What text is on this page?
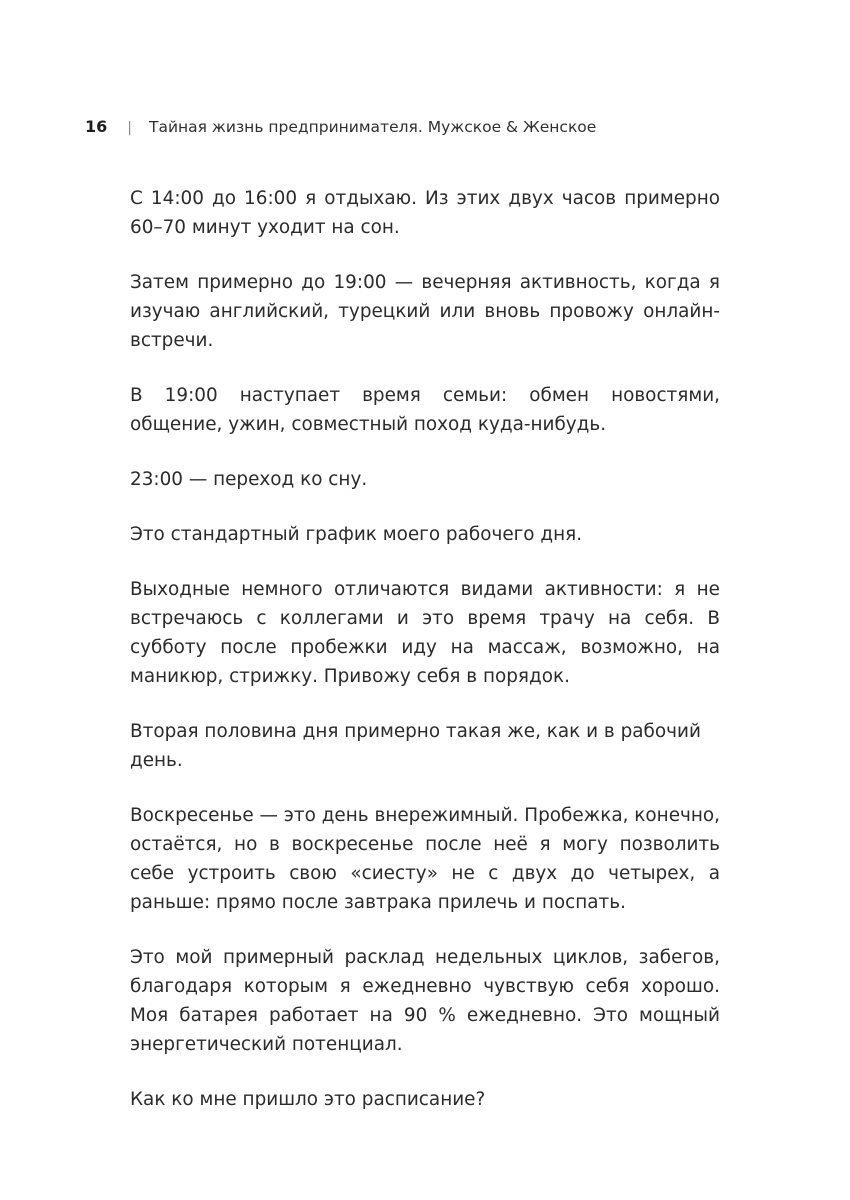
16 | Тайная жизнь предпринимателя. Мужское & Женское

С 14:00 до 16:00 я отдыхаю. Из этих двух часов примерно 60–70 минут уходит на сон.

Затем примерно до 19:00 — вечерняя активность, когда я изучаю английский, турецкий или вновь провожу онлайн-встречи.

В 19:00 наступает время семьи: обмен новостями, общение, ужин, совместный поход куда-нибудь.

23:00 — переход ко сну.

Это стандартный график моего рабочего дня.

Выходные немного отличаются видами активности: я не встречаюсь с коллегами и это время трачу на себя. В субботу после пробежки иду на массаж, возможно, на маникюр, стрижку. Привожу себя в порядок.

Вторая половина дня примерно такая же, как и в рабочий день.

Воскресенье — это день внережимный. Пробежка, конечно, остаётся, но в воскресенье после неё я могу позволить себе устроить свою «сиесту» не с двух до четырех, а раньше: прямо после завтрака прилечь и поспать.

Это мой примерный расклад недельных циклов, забегов, благодаря которым я ежедневно чувствую себя хорошо. Моя батарея работает на 90 % ежедневно. Это мощный энергетический потенциал.

Как ко мне пришло это расписание?
